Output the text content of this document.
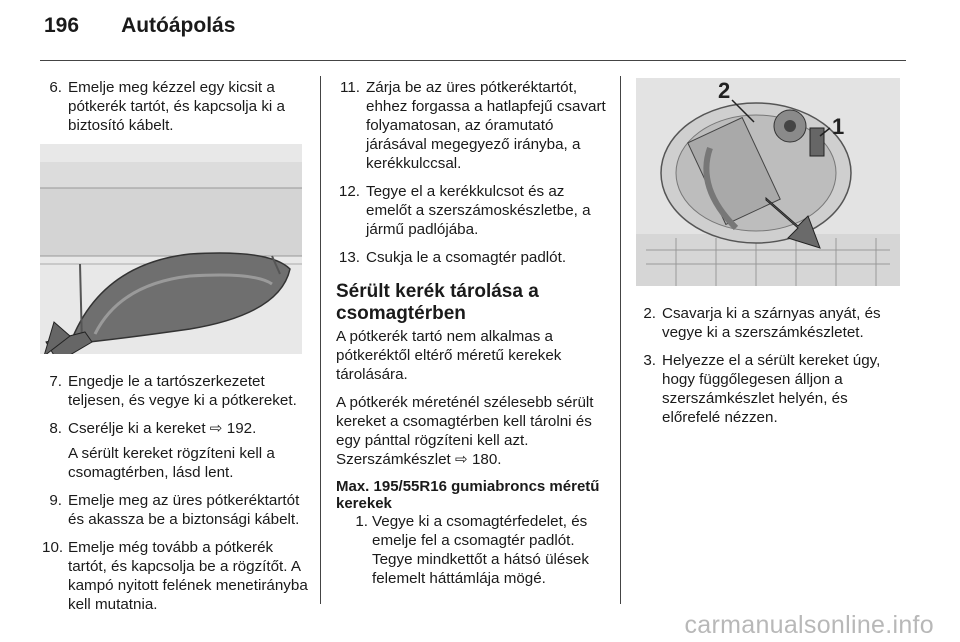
196 Autóápolás
6. Emelje meg kézzel egy kicsit a pótkerék tartót, és kapcsolja ki a biztosító kábelt.
7. Engedje le a tartószerkezetet teljesen, és vegye ki a pótkereket.
8. Cserélje ki a kereket ⇨ 192.
A sérült kereket rögzíteni kell a csomagtérben, lásd lent.
9. Emelje meg az üres pótkeréktartót és akassza be a biztonsági kábelt.
10. Emelje még tovább a pótkerék tartót, és kapcsolja be a rögzítőt. A kampó nyitott felének menetirányba kell mutatnia.
11. Zárja be az üres pótkeréktartót, ehhez forgassa a hatlapfejű csavart folyamatosan, az óramutató járásával megegyező irányba, a kerékkulccsal.
12. Tegye el a kerékkulcsot és az emelőt a szerszámoskészletbe, a jármű padlójába.
13. Csukja le a csomagtér padlót.
Sérült kerék tárolása a csomagtérben
A pótkerék tartó nem alkalmas a pótkeréktől eltérő méretű kerekek tárolására.
A pótkerék méreténél szélesebb sérült kereket a csomagtérben kell tárolni és egy pánttal rögzíteni kell azt. Szerszámkészlet ⇨ 180.
Max. 195/55R16 gumiabroncs méretű kerekek
1. Vegye ki a csomagtérfedelet, és emelje fel a csomagtér padlót. Tegye mindkettőt a hátsó ülések felemelt háttámlája mögé.
2
1
2. Csavarja ki a szárnyas anyát, és vegye ki a szerszámkészletet.
3. Helyezze el a sérült kereket úgy, hogy függőlegesen álljon a szerszámkészlet helyén, és előrefelé nézzen.
carmanualsonline.info
